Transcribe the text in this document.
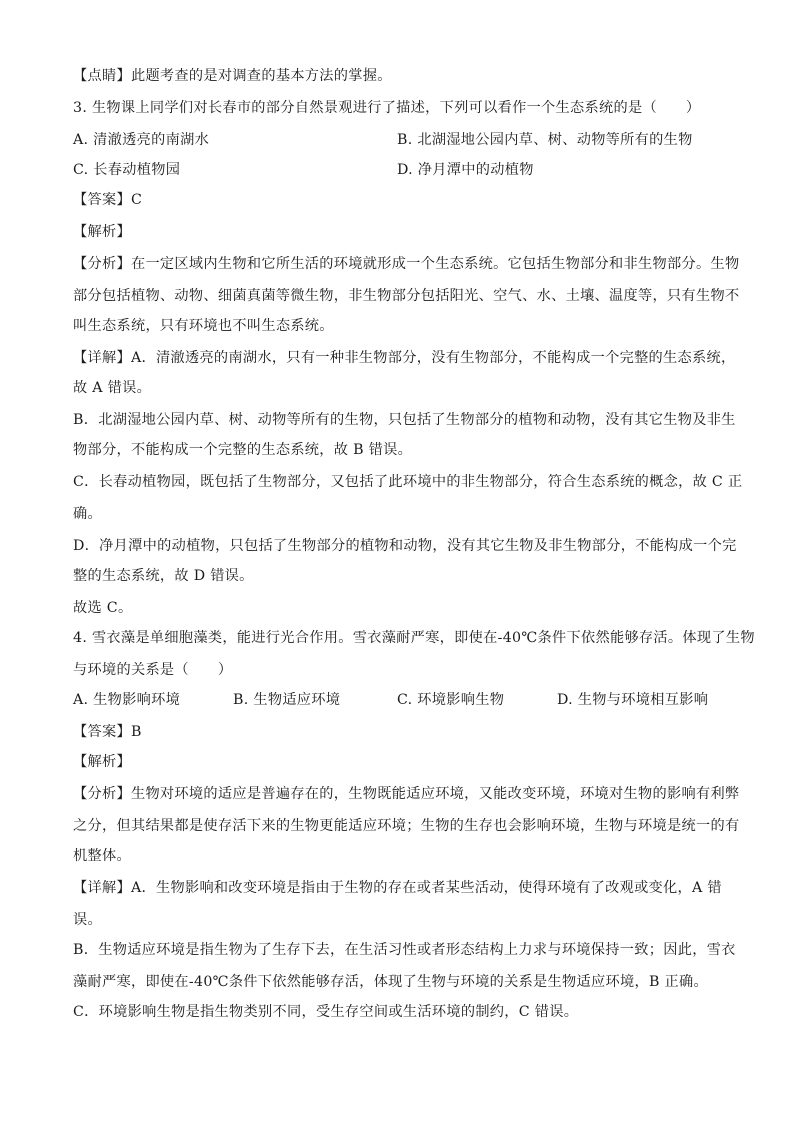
【点睛】此题考查的是对调查的基本方法的掌握。
3. 生物课上同学们对长春市的部分自然景观进行了描述，下列可以看作一个生态系统的是（　　）
A. 清澈透亮的南湖水	B. 北湖湿地公园内草、树、动物等所有的生物
C. 长春动植物园	D. 净月潭中的动植物
【答案】C
【解析】
【分析】在一定区域内生物和它所生活的环境就形成一个生态系统。它包括生物部分和非生物部分。生物
部分包括植物、动物、细菌真菌等微生物，非生物部分包括阳光、空气、水、土壤、温度等，只有生物不
叫生态系统，只有环境也不叫生态系统。
【详解】A．清澈透亮的南湖水，只有一种非生物部分，没有生物部分，不能构成一个完整的生态系统，
故 A 错误。
B．北湖湿地公园内草、树、动物等所有的生物，只包括了生物部分的植物和动物，没有其它生物及非生
物部分，不能构成一个完整的生态系统，故 B 错误。
C．长春动植物园，既包括了生物部分，又包括了此环境中的非生物部分，符合生态系统的概念，故 C 正
确。
D．净月潭中的动植物，只包括了生物部分的植物和动物，没有其它生物及非生物部分，不能构成一个完
整的生态系统，故 D 错误。
故选 C。
4. 雪衣藻是单细胞藻类，能进行光合作用。雪衣藻耐严寒，即使在-40℃条件下依然能够存活。体现了生物
与环境的关系是（　　）
A. 生物影响环境	B. 生物适应环境	C. 环境影响生物	D. 生物与环境相互影响
【答案】B
【解析】
【分析】生物对环境的适应是普遍存在的，生物既能适应环境，又能改变环境，环境对生物的影响有利弊
之分，但其结果都是使存活下来的生物更能适应环境；生物的生存也会影响环境，生物与环境是统一的有
机整体。
【详解】A．生物影响和改变环境是指由于生物的存在或者某些活动，使得环境有了改观或变化，A 错
误。
B．生物适应环境是指生物为了生存下去，在生活习性或者形态结构上力求与环境保持一致；因此，雪衣
藻耐严寒，即使在-40℃条件下依然能够存活，体现了生物与环境的关系是生物适应环境，B 正确。
C．环境影响生物是指生物类别不同，受生存空间或生活环境的制约，C 错误。
